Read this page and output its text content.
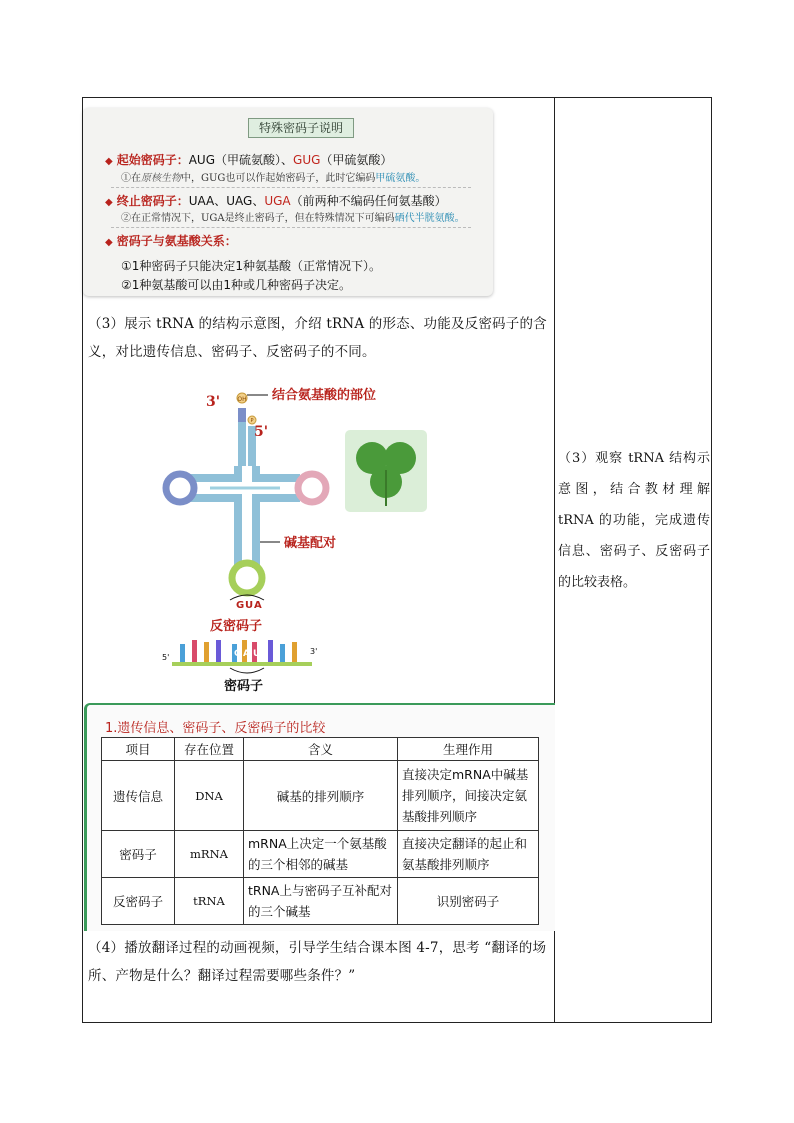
特殊密码子说明
◆ 起始密码子：AUG（甲硫氨酸）、GUG（甲硫氨酸）
①在原核生物中，GUG也可以作起始密码子，此时它编码甲硫氨酸。
◆ 终止密码子：UAA、UAG、UGA（前两种不编码任何氨基酸）
②在正常情况下，UGA是终止密码子，但在特殊情况下可编码硒代半胱氨酸。
◆ 密码子与氨基酸关系：
①1种密码子只能决定1种氨基酸（正常情况下）。
②1种氨基酸可以由1种或几种密码子决定。
（3）展示 tRNA 的结构示意图，介绍 tRNA 的形态、功能及反密码子的含义，对比遗传信息、密码子、反密码子的不同。
OH
P
3'
5'
结合氨基酸的部位
碱基配对
G U A
反密码子
5'
3'
C A U
密码子
1.遗传信息、密码子、反密码子的比较
项目	存在位置	含义	生理作用
遗传信息	DNA	碱基的排列顺序	直接决定mRNA中碱基排列顺序，间接决定氨基酸排列顺序
密码子	mRNA	mRNA上决定一个氨基酸的三个相邻的碱基	直接决定翻译的起止和氨基酸排列顺序
反密码子	tRNA	tRNA上与密码子互补配对的三个碱基	识别密码子
（4）播放翻译过程的动画视频，引导学生结合课本图 4-7，思考 “翻译的场所、产物是什么？翻译过程需要哪些条件？”
（3）观察 tRNA 结构示意图，结合教材理解 tRNA 的功能，完成遗传信息、密码子、反密码子的比较表格。
